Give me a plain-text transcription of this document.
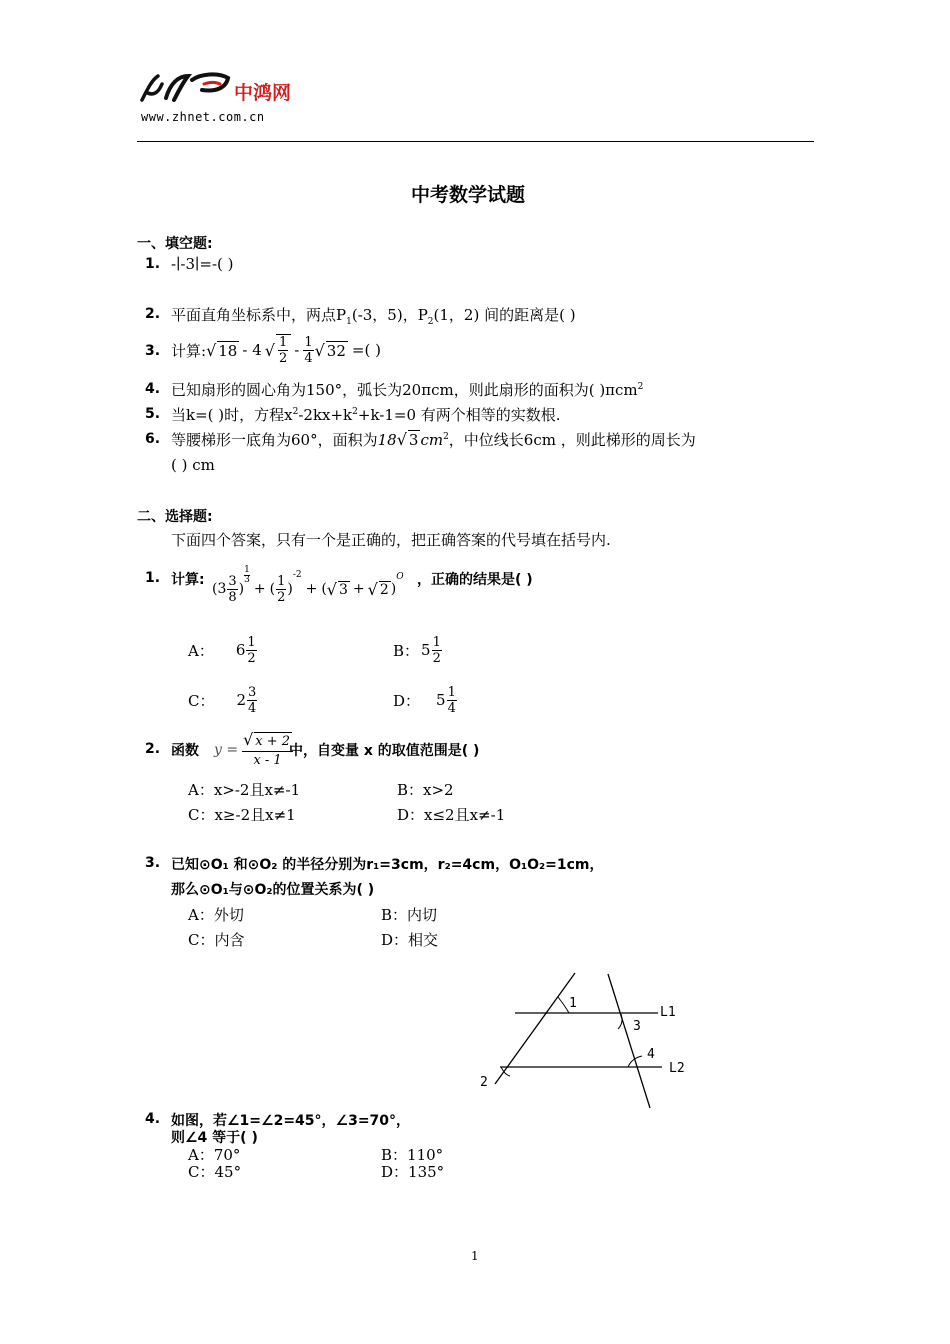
中鸿网
www.zhnet.com.cn
中考数学试题
一、填空题:
1. -∣-3∣=-( )
2. 平面直角坐标系中，两点$P_1(-3$，5)，$P_2(1$，2) 间的距离是( )
3. 计算: √ 18 - 4 √ $\frac{1}{2} - \frac{1}{4}$ √ 32 =( )
4. 已知扇形的圆心角为150°，弧长为20πcm，则此扇形的面积为( )πcm$^2$
5. 当k=( )时，方程$x^2-2kx+k^2+k-1=0$ 有两个相等的实数根.
6. 等腰梯形一底角为60°，面积为18√ 3 $cm^2$，中位线长6cm ，则此梯形的周长为
( ) cm
二、选择题:
下面四个答案，只有一个是正确的，把正确答案的代号填在括号内.
1. 计算:
($3 \frac{3}{8}$ )
1
3
+ ( $\frac{1}{2}$ )
-2
+ ( √ 3 + √ 2 )
O ，正确的结果是( )
A： $6 \frac{1}{2}$	B： $5 \frac{1}{2}$
C： $2 \frac{3}{4}$	D： $5 \frac{1}{4}$
2. 函数 $y = \frac{√ x + 2}{x - 1}$
中，自变量 x 的取值范围是( )
A：x>-2且x≠-1	B：x>2
C：x≥-2且x≠1	D：x≤2且x≠-1
3. 已知⊙O₁ 和⊙O₂ 的半径分别为r₁=3cm，r₂=4cm，O₁O₂=1cm，
那么⊙O₁与⊙O₂的位置关系为( )
A：外切	B：内切
C：内含	D：相交
1
2
3
4
L1
L2
4. 如图，若∠1=∠2=45°，∠3=70°，
则∠4 等于( )
A：70°	B：110°
C：45°	D：135°
1
